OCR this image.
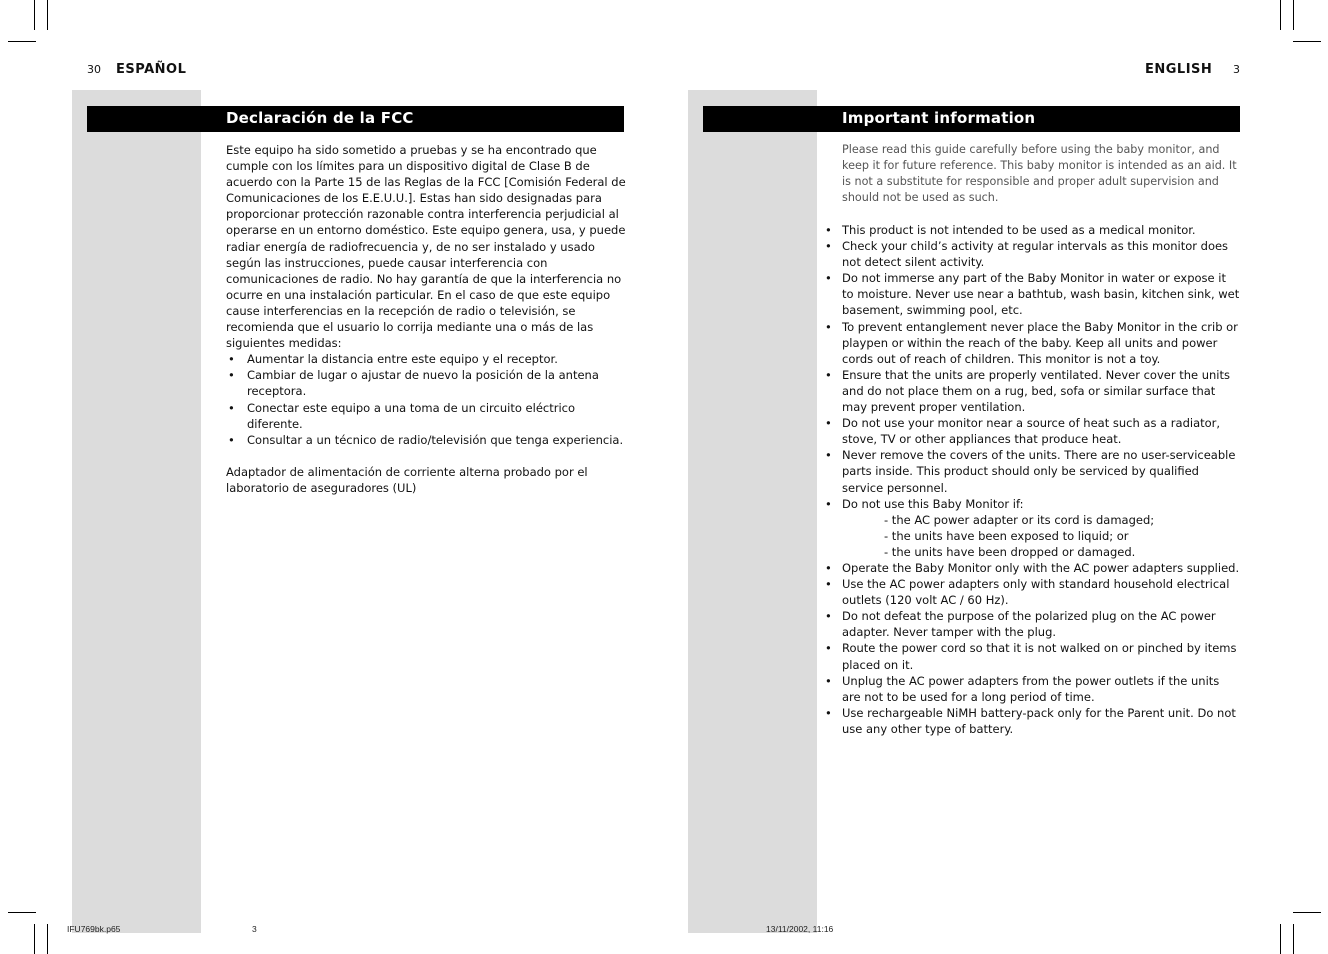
30 ESPAÑOL
Declaración de la FCC

Este equipo ha sido sometido a pruebas y se ha encontrado que cumple con los límites para un dispositivo digital de Clase B de acuerdo con la Parte 15 de las Reglas de la FCC [Comisión Federal de Comunicaciones de los E.E.U.U.]. Estas han sido designadas para proporcionar protección razonable contra interferencia perjudicial al operarse en un entorno doméstico. Este equipo genera, usa, y puede radiar energía de radiofrecuencia y, de no ser instalado y usado según las instrucciones, puede causar interferencia con comunicaciones de radio. No hay garantía de que la interferencia no ocurre en una instalación particular. En el caso de que este equipo cause interferencias en la recepción de radio o televisión, se recomienda que el usuario lo corrija mediante una o más de las siguientes medidas:

• Aumentar la distancia entre este equipo y el receptor.
• Cambiar de lugar o ajustar de nuevo la posición de la antena receptora.
• Conectar este equipo a una toma de un circuito eléctrico diferente.
• Consultar a un técnico de radio/televisión que tenga experiencia.

Adaptador de alimentación de corriente alterna probado por el laboratorio de aseguradores (UL)

ENGLISH 3
Important information

Please read this guide carefully before using the baby monitor, and keep it for future reference. This baby monitor is intended as an aid. It is not a substitute for responsible and proper adult supervision and should not be used as such.

• This product is not intended to be used as a medical monitor.
• Check your child’s activity at regular intervals as this monitor does not detect silent activity.
• Do not immerse any part of the Baby Monitor in water or expose it to moisture. Never use near a bathtub, wash basin, kitchen sink, wet basement, swimming pool, etc.
• To prevent entanglement never place the Baby Monitor in the crib or playpen or within the reach of the baby. Keep all units and power cords out of reach of children. This monitor is not a toy.
• Ensure that the units are properly ventilated. Never cover the units and do not place them on a rug, bed, sofa or similar surface that may prevent proper ventilation.
• Do not use your monitor near a source of heat such as a radiator, stove, TV or other appliances that produce heat.
• Never remove the covers of the units. There are no user-serviceable parts inside. This product should only be serviced by qualified service personnel.
• Do not use this Baby Monitor if:
- the AC power adapter or its cord is damaged;
- the units have been exposed to liquid; or
- the units have been dropped or damaged.
• Operate the Baby Monitor only with the AC power adapters supplied.
• Use the AC power adapters only with standard household electrical outlets (120 volt AC / 60 Hz).
• Do not defeat the purpose of the polarized plug on the AC power adapter. Never tamper with the plug.
• Route the power cord so that it is not walked on or pinched by items placed on it.
• Unplug the AC power adapters from the power outlets if the units are not to be used for a long period of time.
• Use rechargeable NiMH battery-pack only for the Parent unit. Do not use any other type of battery.
IFU769bk.p65	3	13/11/2002, 11:16
